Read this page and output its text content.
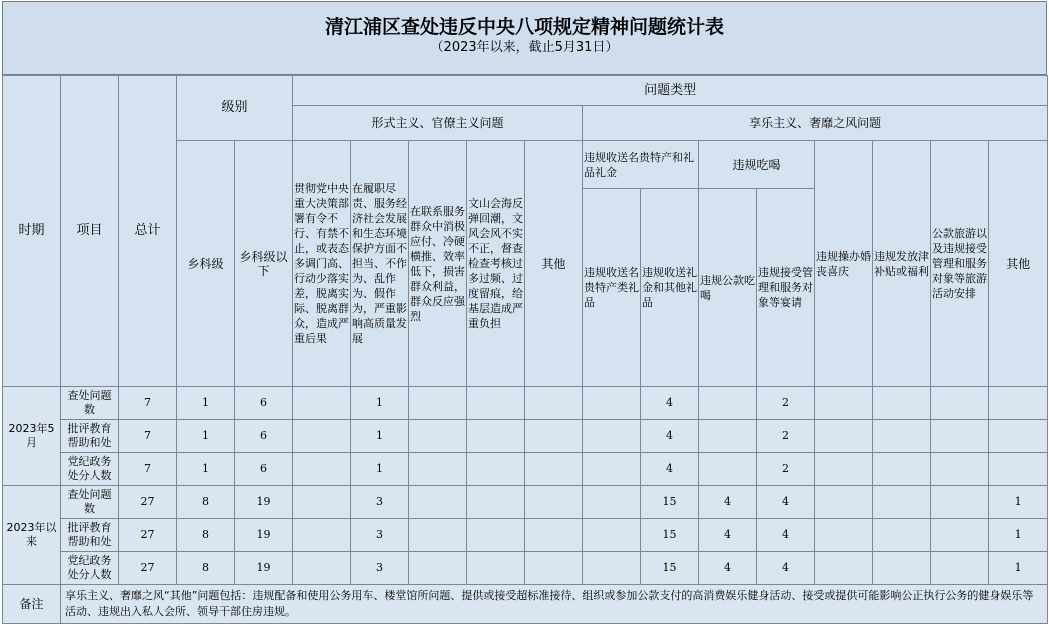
清江浦区查处违反中央八项规定精神问题统计表
（2023年以来，截止5月31日）
时期	项目	总计	级别		问题类型												
					形式主义、官僚主义问题					享乐主义、奢靡之风问题							
			乡科级	乡科级以下	贯彻党中央重大决策部署有令不行、有禁不止，或表态多调门高、行动少落实差，脱离实际、脱离群众，造成严重后果	在履职尽责、服务经济社会发展和生态环境保护方面不担当、不作为、乱作为、假作为，严重影响高质量发展	在联系服务群众中消极应付、冷硬横推、效率低下，损害群众利益，群众反应强烈	文山会海反弹回潮，文风会风不实不正，督查检查考核过多过频、过度留痕，给基层造成严重负担	其他	违规收送名贵特产和礼品礼金		违规吃喝		违规操办婚丧喜庆	违规发放津补贴或福利	公款旅游以及违规接受管理和服务对象等旅游活动安排	其他
										违规收送名贵特产类礼品	违规收送礼金和其他礼品	违规公款吃喝	违规接受管理和服务对象等宴请				
2023年5月	查处问题数	7	1	6		1					4		2				
	批评教育帮助和处	7	1	6		1					4		2				
	党纪政务处分人数	7	1	6		1					4		2				
2023年以来	查处问题数	27	8	19		3					15	4	4				1
	批评教育帮助和处	27	8	19		3					15	4	4				1
	党纪政务处分人数	27	8	19		3					15	4	4				1
备注	享乐主义、奢靡之风“其他”问题包括：违规配备和使用公务用车、楼堂馆所问题、提供或接受超标准接待、组织或参加公款支付的高消费娱乐健身活动、接受或提供可能影响公正执行公务的健身娱乐等活动、违规出入私人会所、领导干部住房违规。																
